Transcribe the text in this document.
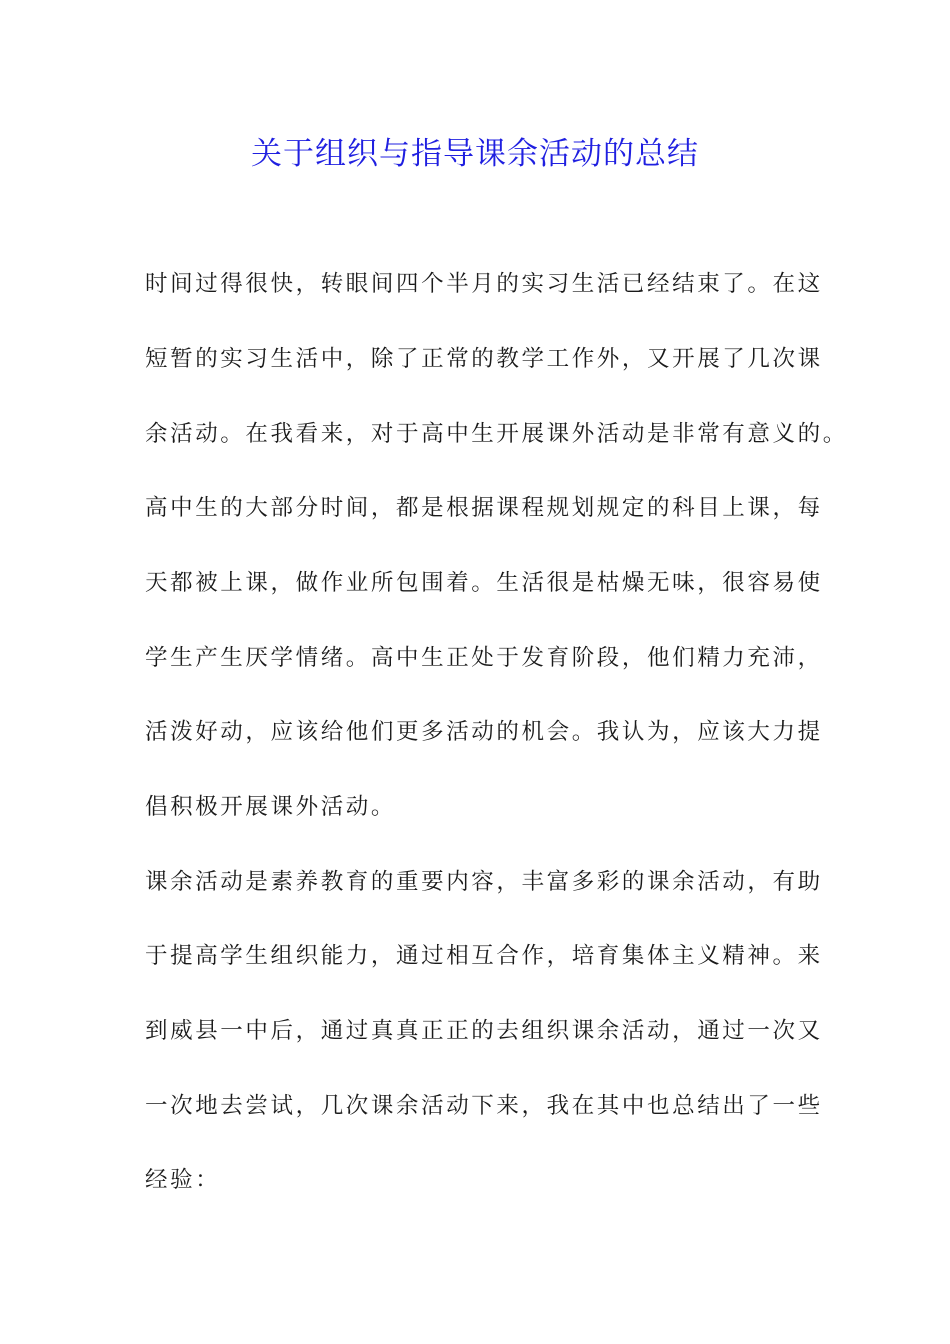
关于组织与指导课余活动的总结
时间过得很快，转眼间四个半月的实习生活已经结束了。在这
短暂的实习生活中，除了正常的教学工作外，又开展了几次课
余活动。在我看来，对于高中生开展课外活动是非常有意义的。
高中生的大部分时间，都是根据课程规划规定的科目上课，每
天都被上课，做作业所包围着。生活很是枯燥无味，很容易使
学生产生厌学情绪。高中生正处于发育阶段，他们精力充沛，
活泼好动，应该给他们更多活动的机会。我认为，应该大力提
倡积极开展课外活动。
课余活动是素养教育的重要内容，丰富多彩的课余活动，有助
于提高学生组织能力，通过相互合作，培育集体主义精神。来
到威县一中后，通过真真正正的去组织课余活动，通过一次又
一次地去尝试，几次课余活动下来，我在其中也总结出了一些
经验：
